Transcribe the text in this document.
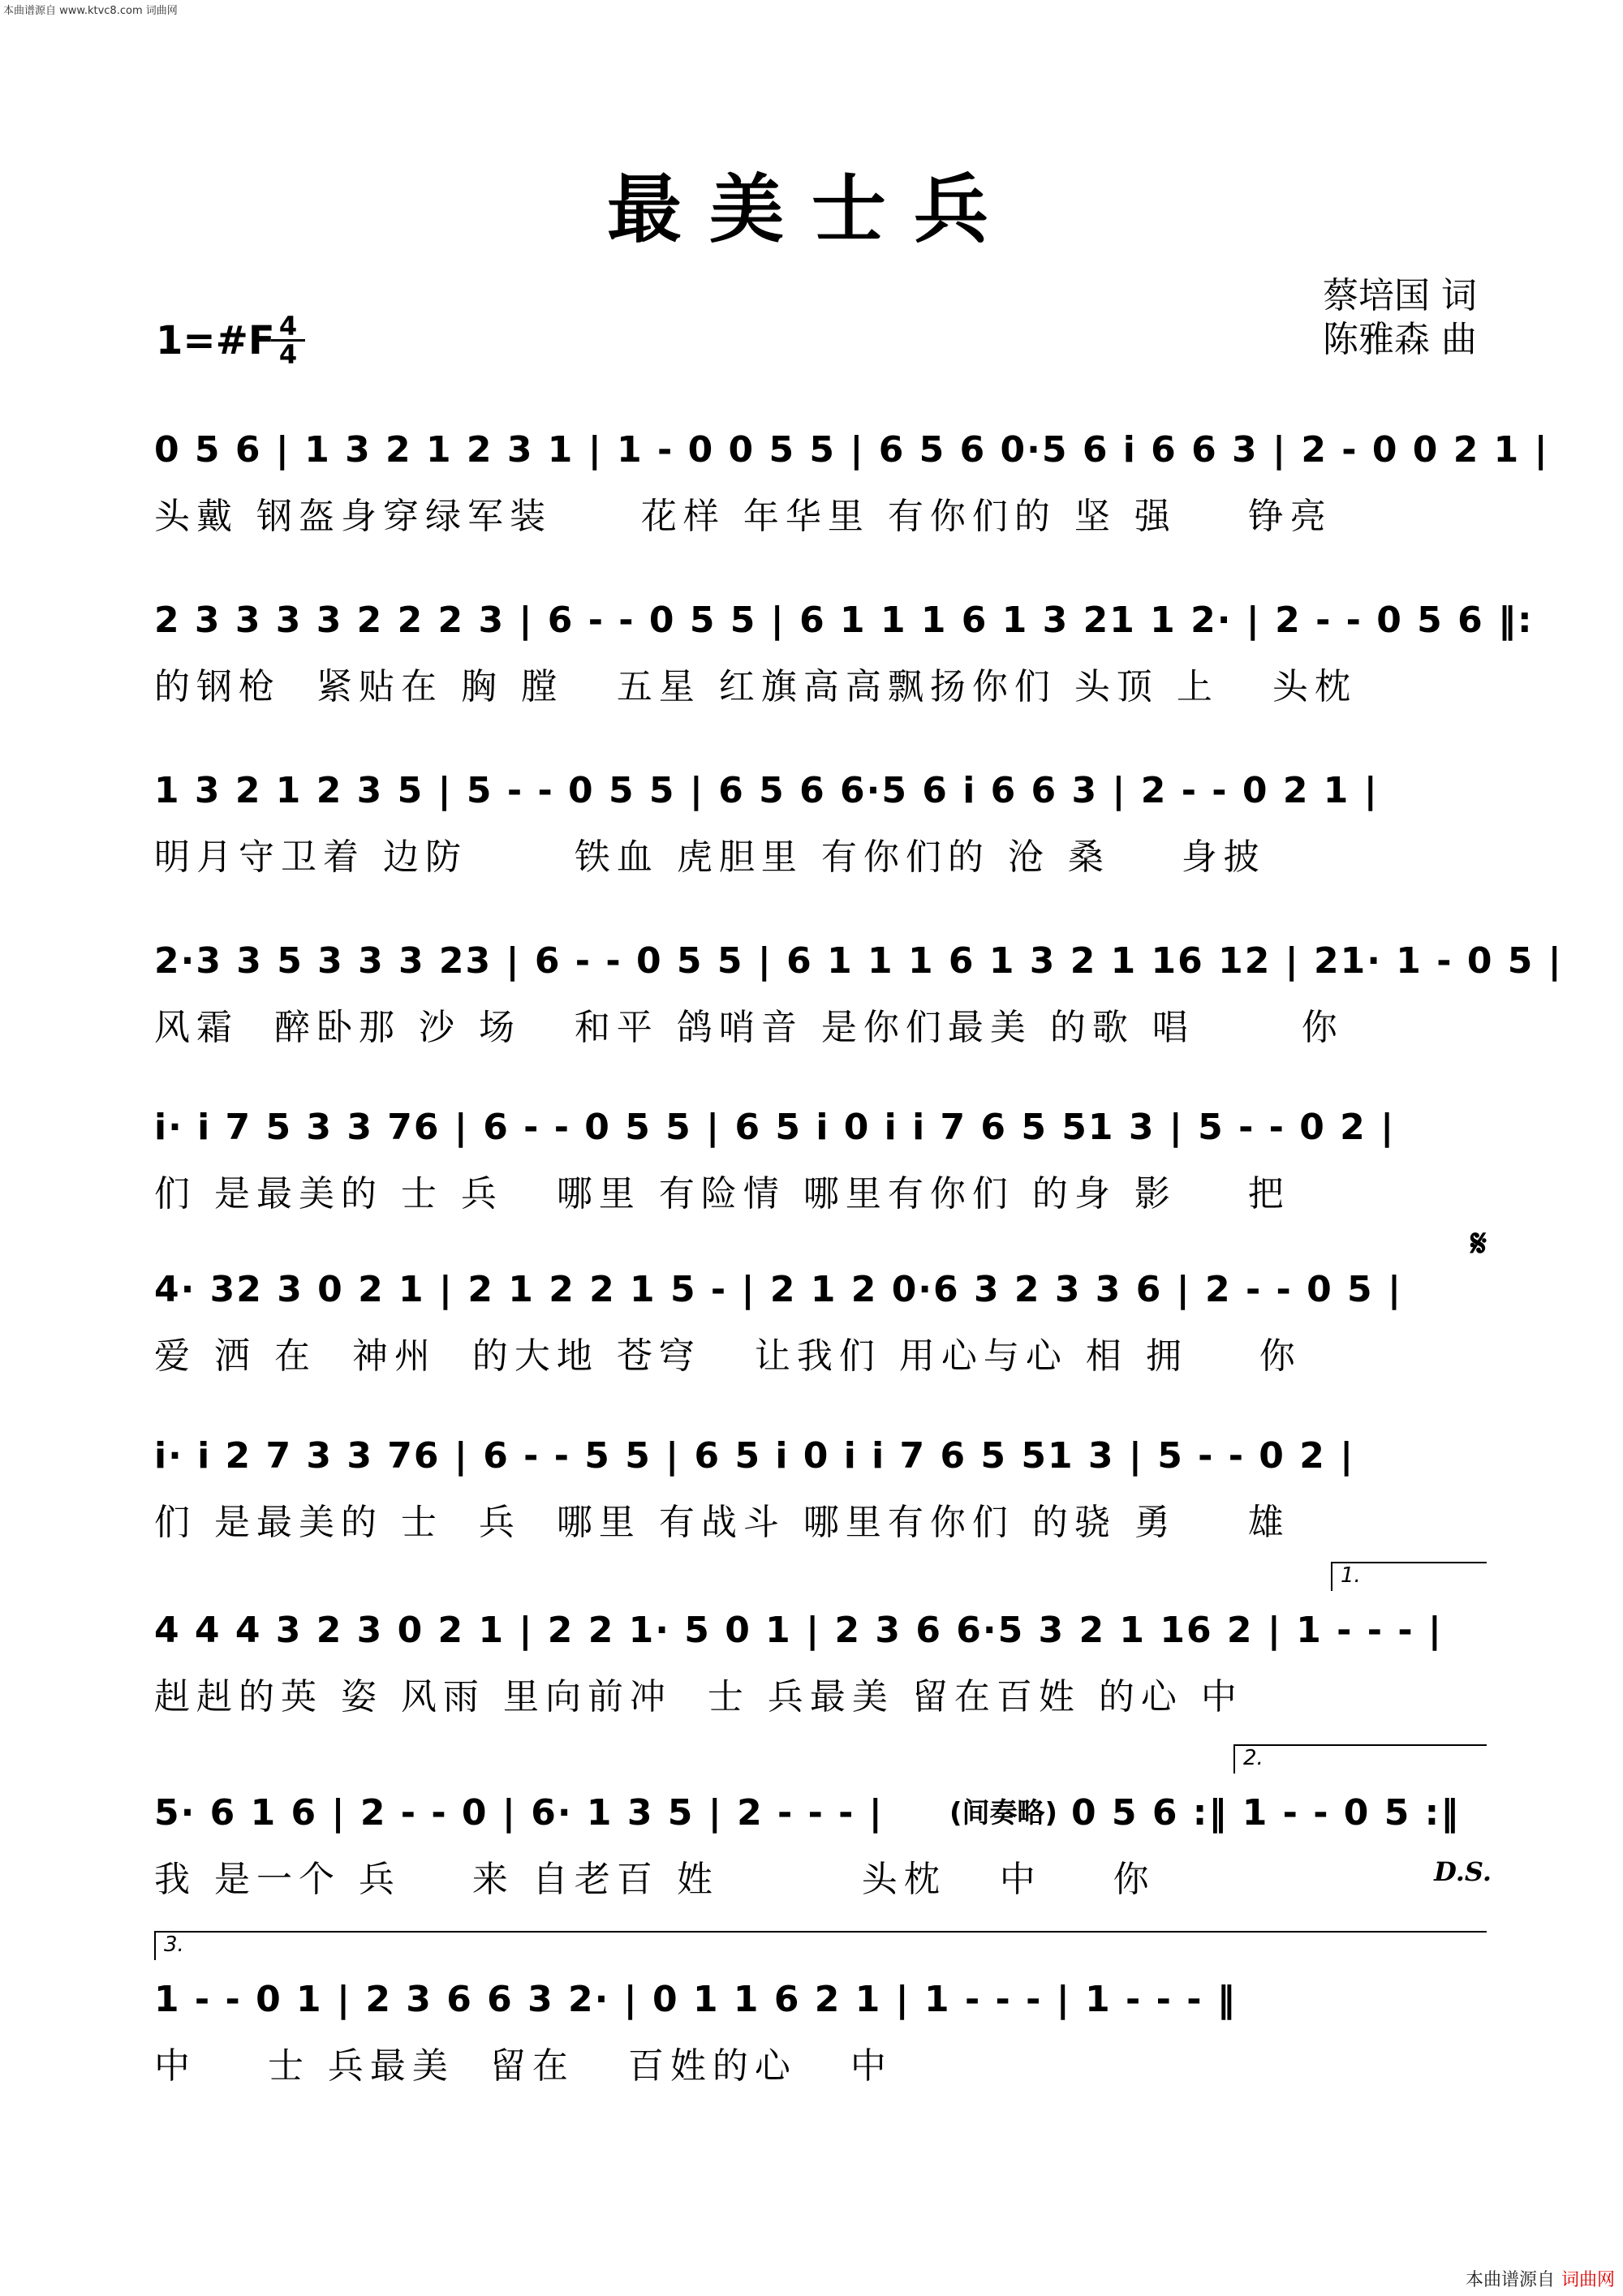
本曲谱源自 www.ktvc8.com 词曲网
最美士兵
蔡培国 词
陈雅森 曲
1=#F 4
4
0 5 6 | 1 3 2 1 2 3 1 | 1 - 0 0 5 5 | 6 5 6 0·5 6 i 6 6 3 | 2 - 0 0 2 1 |
头戴 钢盔身穿绿军装     花样 年华里 有你们的 坚 强    铮亮
2 3 3 3 3 2 2 2 3 | 6 - - 0 5 5 | 6 1 1 1 6 1 3 21 1 2· | 2 - - 0 5 6 ‖:
的钢枪  紧贴在 胸 膛   五星 红旗高高飘扬你们 头顶 上   头枕
1 3 2 1 2 3 5 | 5 - - 0 5 5 | 6 5 6 6·5 6 i 6 6 3 | 2 - - 0 2 1 |
明月守卫着 边防      铁血 虎胆里 有你们的 沧 桑    身披
2·3 3 5 3 3 3 23 | 6 - - 0 5 5 | 6 1 1 1 6 1 3 2 1 16 12 | 21· 1 - 0 5 |
风霜  醉卧那 沙 场   和平 鸽哨音 是你们最美 的歌 唱      你
i· i 7 5 3 3 76 | 6 - - 0 5 5 | 6 5 i 0 i i 7 6 5 51 3 | 5 - - 0 2 |
们 是最美的 士 兵   哪里 有险情 哪里有你们 的身 影    把
𝄋
4· 32 3 0 2 1 | 2 1 2 2 1 5 - | 2 1 2 0·6 3 2 3 3 6 | 2 - - 0 5 |
爱 洒 在  神州  的大地 苍穹   让我们 用心与心 相 拥    你
i· i 2 7 3 3 76 | 6 - - 5 5 | 6 5 i 0 i i 7 6 5 51 3 | 5 - - 0 2 |
们 是最美的 士  兵  哪里 有战斗 哪里有你们 的骁 勇    雄
1.
4 4 4 3 2 3 0 2 1 | 2 2 1· 5 0 1 | 2 3 6 6·5 3 2 1 16 2 | 1 - - - |
赳赳的英 姿 风雨 里向前冲  士 兵最美 留在百姓 的心 中
2.
5· 6 1 6 | 2 - - 0 | 6· 1 3 5 | 2 - - - |	(间奏略) 0 5 6 :‖ 1 - - 0 5 :‖
我 是一个 兵    来 自老百 姓        头枕   中    你	D.S.
3.
1 - - 0 1 | 2 3 6 6 3 2· | 0 1 1 6 2 1 | 1 - - - | 1 - - - ‖
中    士 兵最美  留在   百姓的心   中
本曲谱源自 词曲网
